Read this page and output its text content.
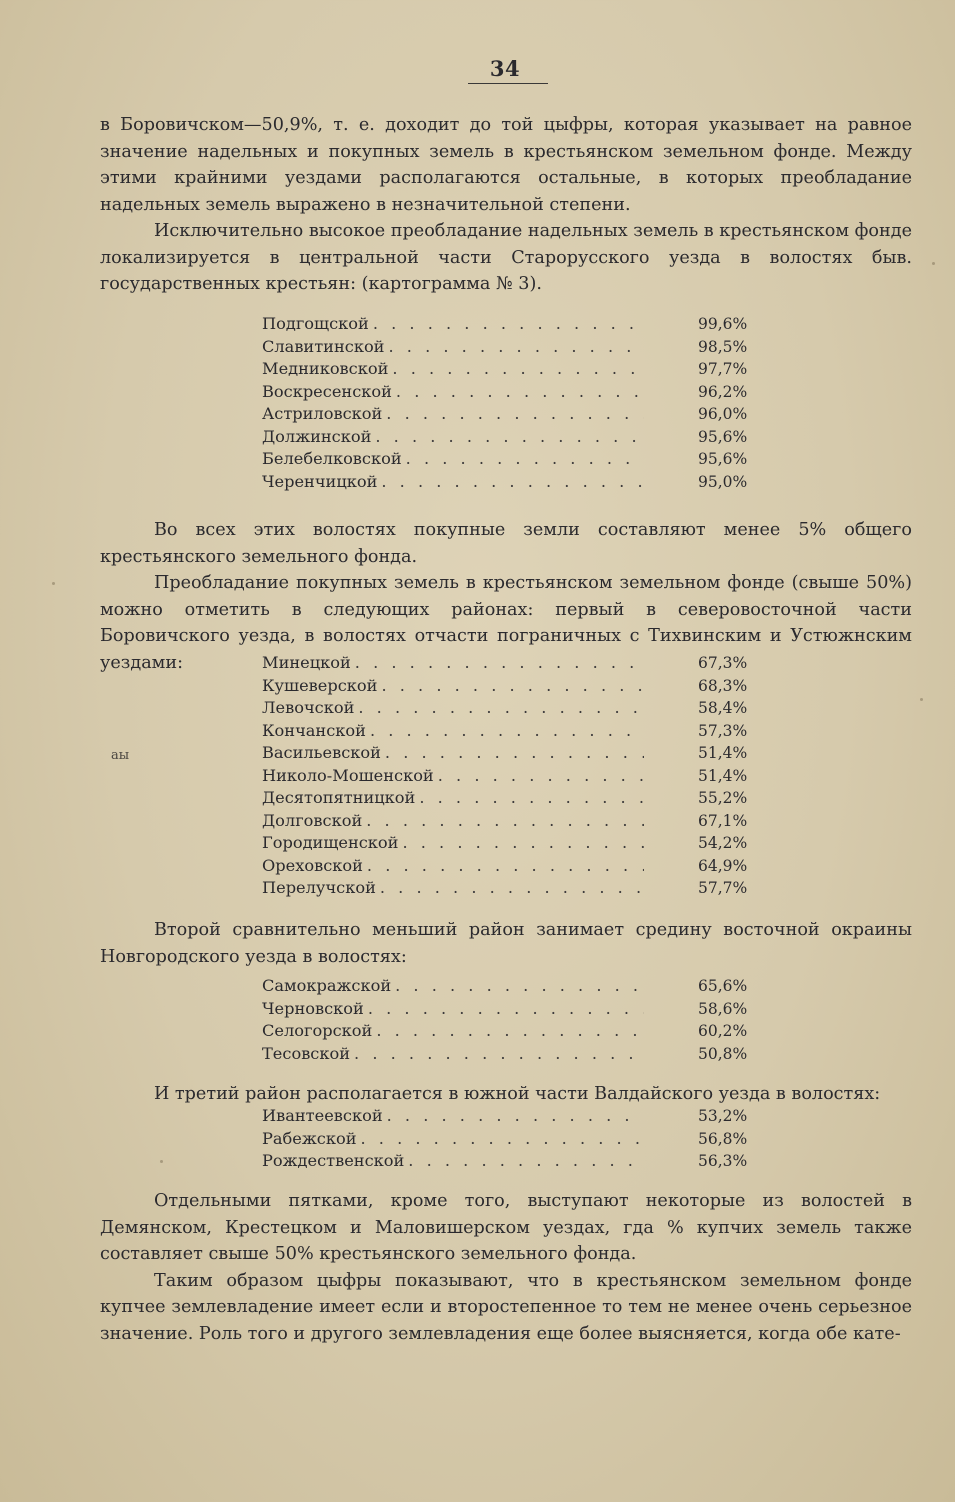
34

в Боровичском—50,9%, т. е. доходит до той цыфры, которая указывает на равное значение надельных и покупных земель в крестьянском земельном фонде. Между этими крайними уездами располагаются остальные, в которых преобладание надельных земель выражено в незначительной степени.

Исключительно высокое преобладание надельных земель в крестьянском фонде локализируется в центральной части Старорусского уезда в волостях быв. государственных крестьян: (картограмма № 3).

Подгощской . . .	99,6%
Славитинской . . .	98,5%
Медниковской . . .	97,7%
Воскресенской . . .	96,2%
Астриловской . . .	96,0%
Должинской . . .	95,6%
Белебелковской . . .	95,6%
Черенчицкой . . .	95,0%

Во всех этих волостях покупные земли составляют менее 5% общего крестьянского земельного фонда.

Преобладание покупных земель в крестьянском земельном фонде (свыше 50%) можно отметить в следующих районах: первый в северовосточной части Боровичского уезда, в волостях отчасти пограничных с Тихвинским и Устюжнским уездами:	Минецкой . . .	67,3%
Кушеверской . . .	68,3%
Левочской . . .	58,4%
Кончанской . . .	57,3%
Васильевской . . .	51,4%
Николо-Мошенской . . .	51,4%
Десятопятницкой . . .	55,2%
Долговской . . .	67,1%
Городищенской . . .	54,2%
Ореховской . . .	64,9%
Перелучской . . .	57,7%
аы

Второй сравнительно меньший район занимает средину восточной окраины Новгородского уезда в волостях:

Самокражской . . .	65,6%
Черновской . . .	58,6%
Селогорской . . .	60,2%
Тесовской . . .	50,8%

И третий район располагается в южной части Валдайского уезда в волостях:

Ивантеевской . . .	53,2%
Рабежской . . .	56,8%
Рождественской . . .	56,3%

Отдельными пятками, кроме того, выступают некоторые из волостей в Демянском, Крестецком и Маловишерском уездах, гда % купчих земель также составляет свыше 50% крестьянского земельного фонда.

Таким образом цыфры показывают, что в крестьянском земельном фонде купчее землевладение имеет если и второстепенное то тем не менее очень серьезное значение. Роль того и другого землевладения еще более выясняется, когда обе кате-
